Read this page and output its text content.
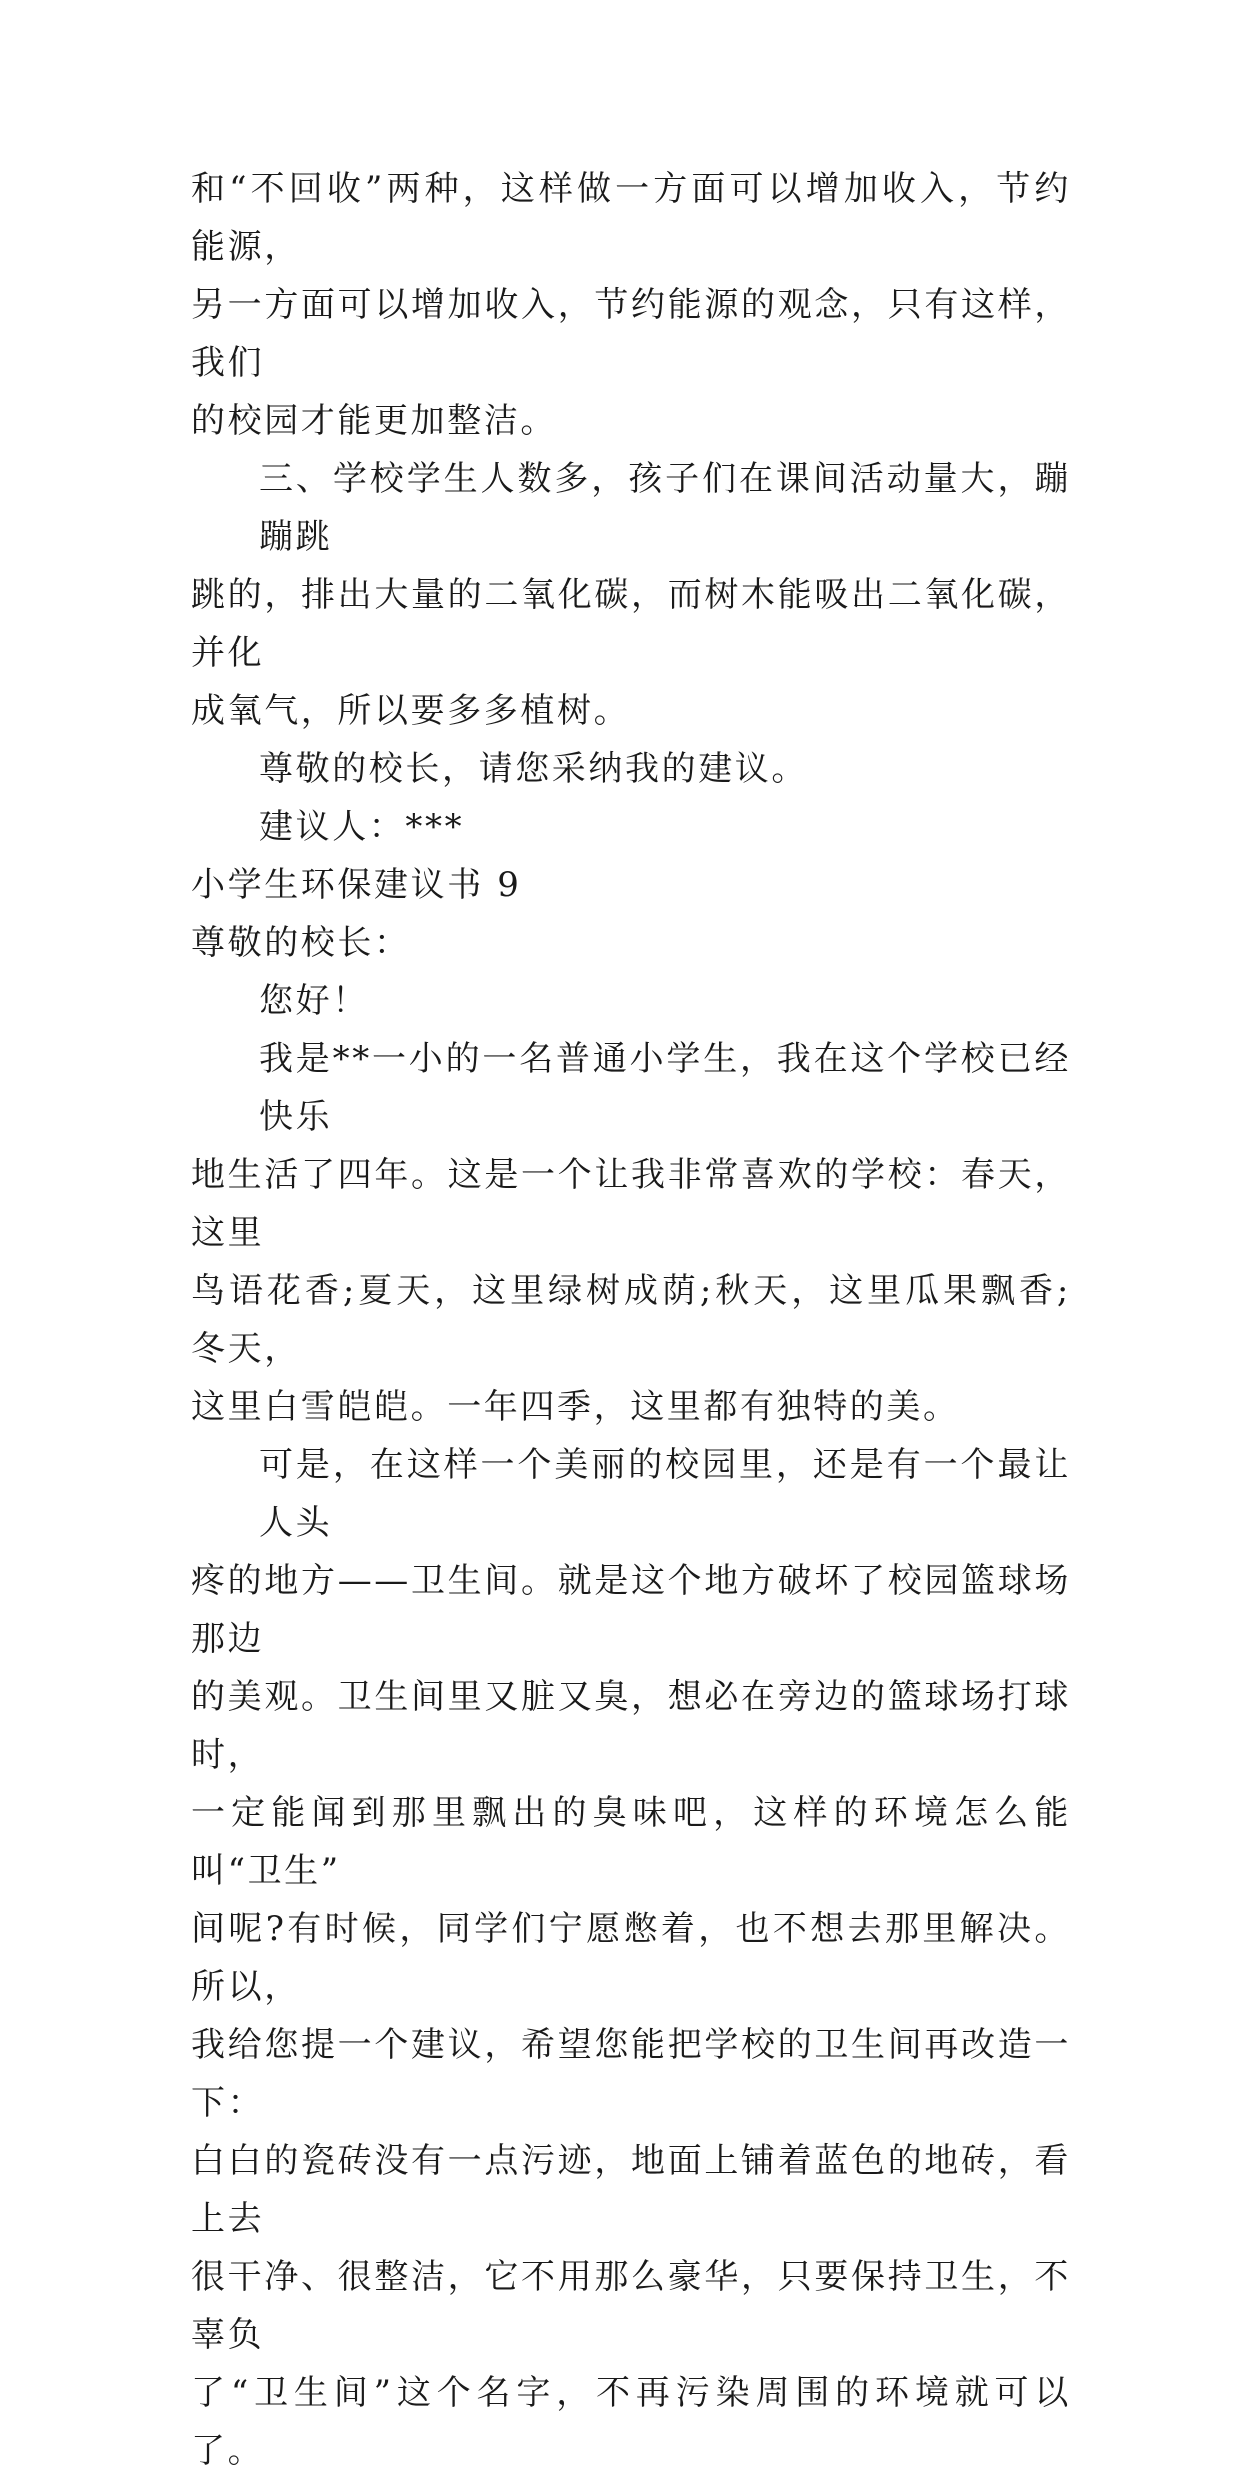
和“不回收”两种，这样做一方面可以增加收入，节约能源，
另一方面可以增加收入，节约能源的观念，只有这样，我们
的校园才能更加整洁。

三、学校学生人数多，孩子们在课间活动量大，蹦蹦跳
跳的，排出大量的二氧化碳，而树木能吸出二氧化碳，并化
成氧气，所以要多多植树。

尊敬的校长，请您采纳我的建议。

建议人：***

小学生环保建议书 9

尊敬的校长：

您好！

我是**一小的一名普通小学生，我在这个学校已经快乐
地生活了四年。这是一个让我非常喜欢的学校：春天，这里
鸟语花香;夏天，这里绿树成荫;秋天，这里瓜果飘香;冬天，
这里白雪皑皑。一年四季，这里都有独特的美。

可是，在这样一个美丽的校园里，还是有一个最让人头
疼的地方——卫生间。就是这个地方破坏了校园篮球场那边
的美观。卫生间里又脏又臭，想必在旁边的篮球场打球时，
一定能闻到那里飘出的臭味吧，这样的环境怎么能叫“卫生”
间呢?有时候，同学们宁愿憋着，也不想去那里解决。所以，
我给您提一个建议，希望您能把学校的卫生间再改造一下：
白白的瓷砖没有一点污迹，地面上铺着蓝色的地砖，看上去
很干净、很整洁，它不用那么豪华，只要保持卫生，不辜负
了“卫生间”这个名字，不再污染周围的环境就可以了。
